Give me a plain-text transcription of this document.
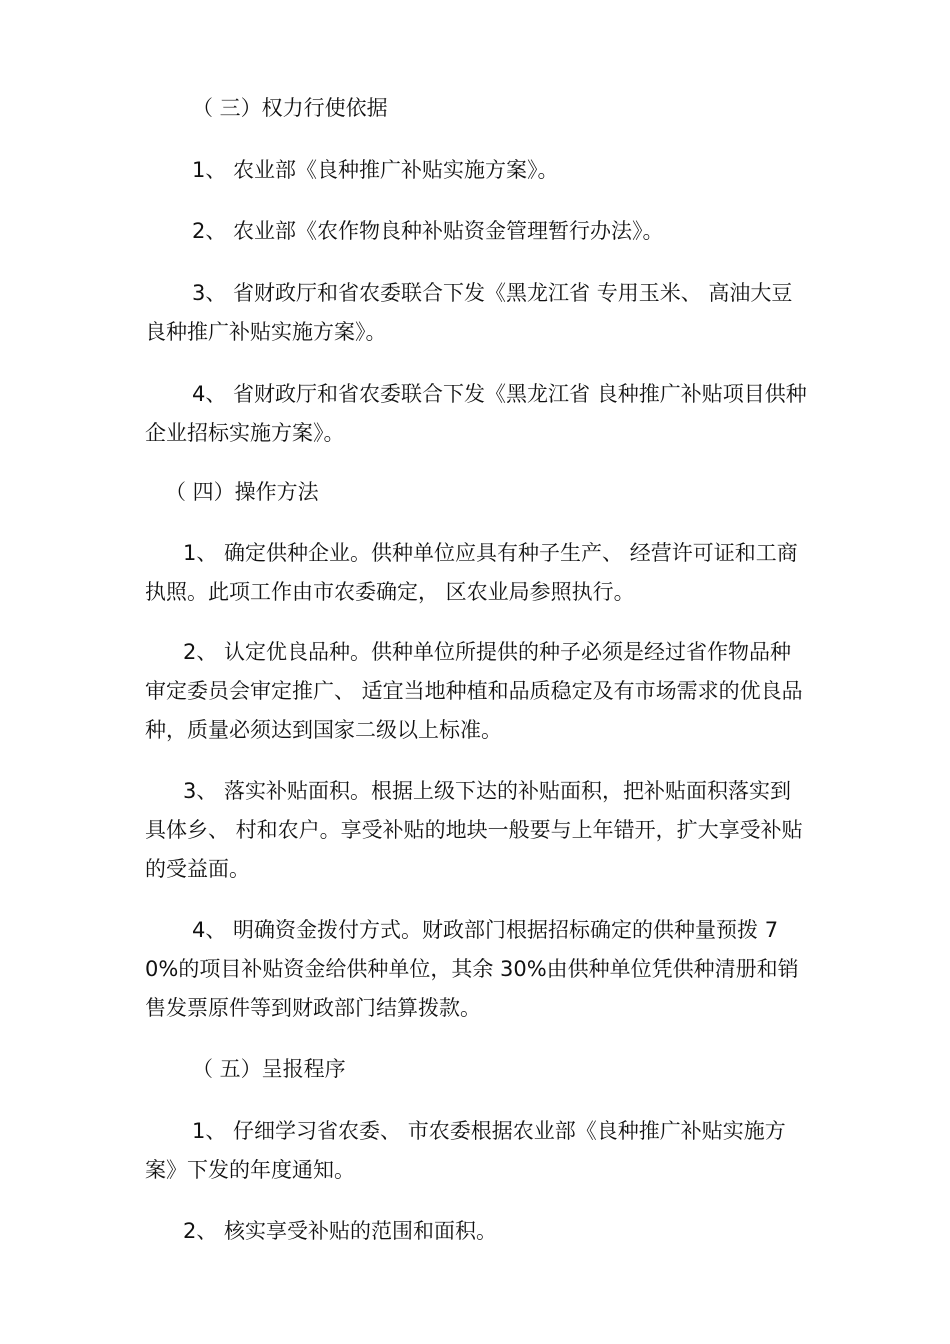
（ 三）权力行使依据

1、 农业部《良种推广补贴实施方案》。

2、 农业部《农作物良种补贴资金管理暂行办法》。

3、 省财政厅和省农委联合下发《黑龙江省 专用玉米、 高油大豆良种推广补贴实施方案》。

4、 省财政厅和省农委联合下发《黑龙江省 良种推广补贴项目供种企业招标实施方案》。

（ 四）操作方法

1、 确定供种企业。供种单位应具有种子生产、 经营许可证和工商执照。此项工作由市农委确定， 区农业局参照执行。

2、 认定优良品种。供种单位所提供的种子必须是经过省作物品种审定委员会审定推广、 适宜当地种植和品质稳定及有市场需求的优良品种，质量必须达到国家二级以上标准。

3、 落实补贴面积。根据上级下达的补贴面积，把补贴面积落实到具体乡、 村和农户。享受补贴的地块一般要与上年错开，扩大享受补贴的受益面。

4、 明确资金拨付方式。财政部门根据招标确定的供种量预拨 70%的项目补贴资金给供种单位，其余 30%由供种单位凭供种清册和销售发票原件等到财政部门结算拨款。

（ 五）呈报程序

1、 仔细学习省农委、 市农委根据农业部《良种推广补贴实施方案》下发的年度通知。

2、 核实享受补贴的范围和面积。
